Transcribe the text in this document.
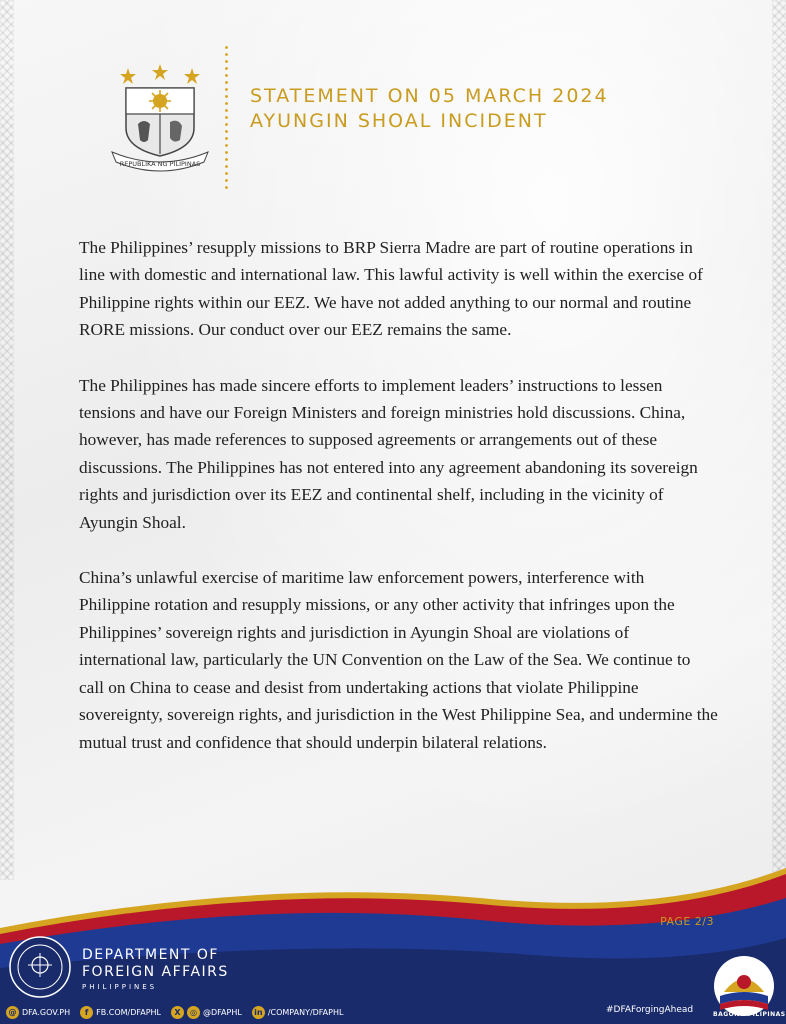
REPUBLIKA NG PILIPINAS
STATEMENT ON 05 MARCH 2024
AYUNGIN SHOAL INCIDENT

The Philippines’ resupply missions to BRP Sierra Madre are part of routine operations in line with domestic and international law. This lawful activity is well within the exercise of Philippine rights within our EEZ. We have not added anything to our normal and routine RORE missions. Our conduct over our EEZ remains the same.

The Philippines has made sincere efforts to implement leaders’ instructions to lessen tensions and have our Foreign Ministers and foreign ministries hold discussions. China, however, has made references to supposed agreements or arrangements out of these discussions. The Philippines has not entered into any agreement abandoning its sovereign rights and jurisdiction over its EEZ and continental shelf, including in the vicinity of Ayungin Shoal.

China’s unlawful exercise of maritime law enforcement powers, interference with Philippine rotation and resupply missions, or any other activity that infringes upon the Philippines’ sovereign rights and jurisdiction in Ayungin Shoal are violations of international law, particularly the UN Convention on the Law of the Sea. We continue to call on China to cease and desist from undertaking actions that violate Philippine sovereignty, sovereign rights, and jurisdiction in the West Philippine Sea, and undermine the mutual trust and confidence that should underpin bilateral relations.

PAGE 2/3
DEPARTMENT OF
FOREIGN AFFAIRS
PHILIPPINES
@ DFA.GOV.PH	f FB.COM/DFAPHL	X	◎ @DFAPHL in /COMPANY/DFAPHL	#DFAForgingAhead	BAGONG PILIPINAS
